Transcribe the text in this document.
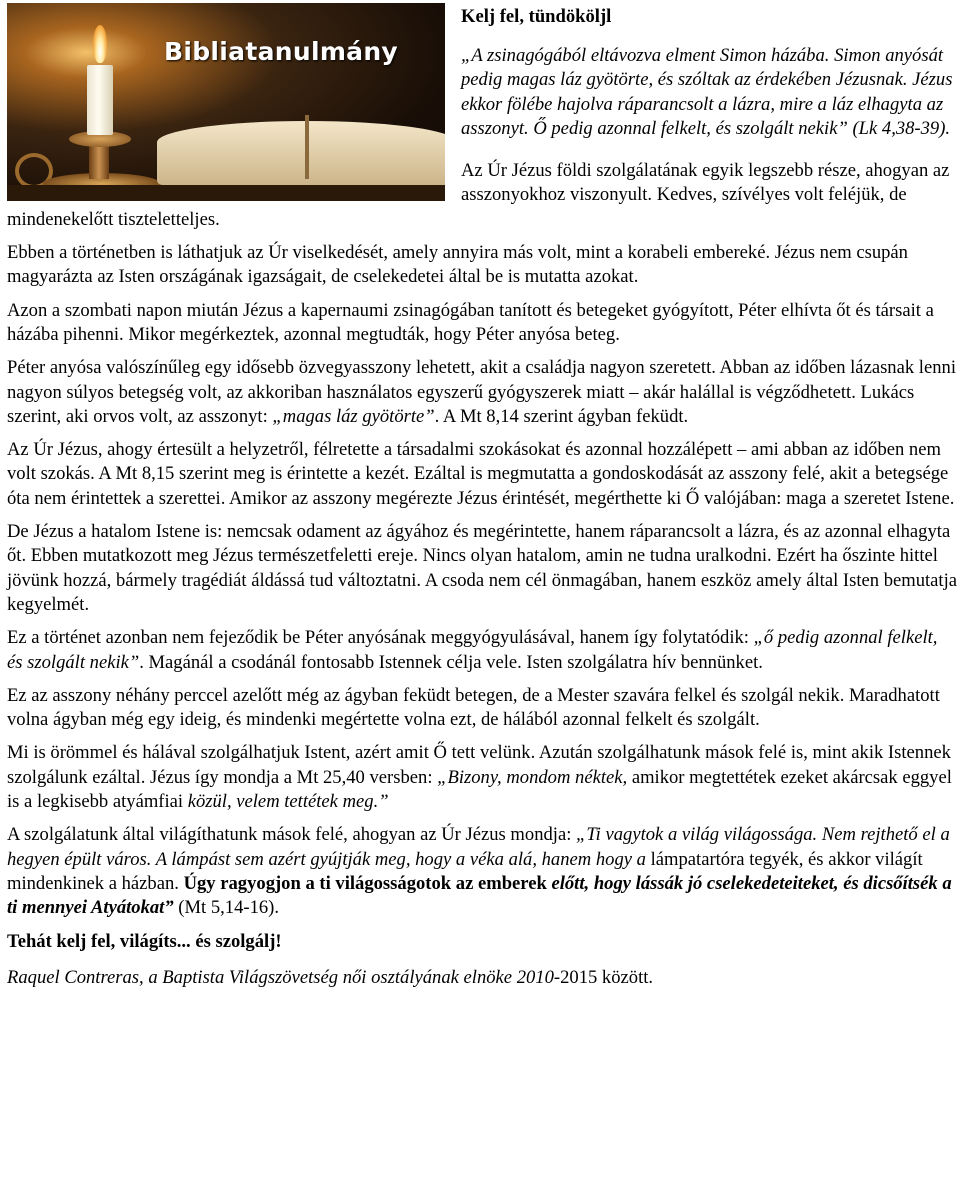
Bibliatanulmány
Kelj fel, tündököljl

„A zsinagógából eltávozva elment Simon házába. Simon anyósát pedig magas láz gyötörte, és szóltak az érdekében Jézusnak. Jézus ekkor fölébe hajolva ráparancsolt a lázra, mire a láz elhagyta az asszonyt. Ő pedig azonnal felkelt, és szolgált nekik” (Lk 4,38-39).

Az Úr Jézus földi szolgálatának egyik legszebb része, ahogyan az asszonyokhoz viszonyult. Kedves, szívélyes volt feléjük, de mindenekelőtt tiszteletteljes.

Ebben a történetben is láthatjuk az Úr viselkedését, amely annyira más volt, mint a korabeli embereké. Jézus nem csupán magyarázta az Isten országának igazságait, de cselekedetei által be is mutatta azokat.

Azon a szombati napon miután Jézus a kapernaumi zsinagógában tanított és betegeket gyógyított, Péter elhívta őt és társait a házába pihenni. Mikor megérkeztek, azonnal megtudták, hogy Péter anyósa beteg.

Péter anyósa valószínűleg egy idősebb özvegyasszony lehetett, akit a családja nagyon szeretett. Abban az időben lázasnak lenni nagyon súlyos betegség volt, az akkoriban használatos egyszerű gyógyszerek miatt – akár halállal is végződhetett. Lukács szerint, aki orvos volt, az asszonyt: „magas láz gyötörte”. A Mt 8,14 szerint ágyban feküdt.

Az Úr Jézus, ahogy értesült a helyzetről, félretette a társadalmi szokásokat és azonnal hozzálépett – ami abban az időben nem volt szokás. A Mt 8,15 szerint meg is érintette a kezét. Ezáltal is megmutatta a gondoskodását az asszony felé, akit a betegsége óta nem érintettek a szerettei. Amikor az asszony megérezte Jézus érintését, megérthette ki Ő valójában: maga a szeretet Istene.

De Jézus a hatalom Istene is: nemcsak odament az ágyához és megérintette, hanem ráparancsolt a lázra, és az azonnal elhagyta őt. Ebben mutatkozott meg Jézus természetfeletti ereje. Nincs olyan hatalom, amin ne tudna uralkodni. Ezért ha őszinte hittel jövünk hozzá, bármely tragédiát áldássá tud változtatni. A csoda nem cél önmagában, hanem eszköz amely által Isten bemutatja kegyelmét.

Ez a történet azonban nem fejeződik be Péter anyósának meggyógyulásával, hanem így folytatódik: „ő pedig azonnal felkelt, és szolgált nekik”. Magánál a csodánál fontosabb Istennek célja vele. Isten szolgálatra hív bennünket.

Ez az asszony néhány perccel azelőtt még az ágyban feküdt betegen, de a Mester szavára felkel és szolgál nekik. Maradhatott volna ágyban még egy ideig, és mindenki megértette volna ezt, de hálából azonnal felkelt és szolgált.

Mi is örömmel és hálával szolgálhatjuk Istent, azért amit Ő tett velünk. Azután szolgálhatunk mások felé is, mint akik Istennek szolgálunk ezáltal. Jézus így mondja a Mt 25,40 versben: „Bizony, mondom néktek, amikor megtettétek ezeket akárcsak eggyel is a legkisebb atyámfiai közül, velem tettétek meg.”

A szolgálatunk által világíthatunk mások felé, ahogyan az Úr Jézus mondja: „Ti vagytok a világ világossága. Nem rejthető el a hegyen épült város. A lámpást sem azért gyújtják meg, hogy a véka alá, hanem hogy a lámpatartóra tegyék, és akkor világít mindenkinek a házban. Úgy ragyogjon a ti világosságotok az emberek előtt, hogy lássák jó cselekedeteiteket, és dicsőítsék a ti mennyei Atyátokat” (Mt 5,14-16).

Tehát kelj fel, világíts... és szolgálj!

Raquel Contreras, a Baptista Világszövetség női osztályának elnöke 2010-2015 között.
